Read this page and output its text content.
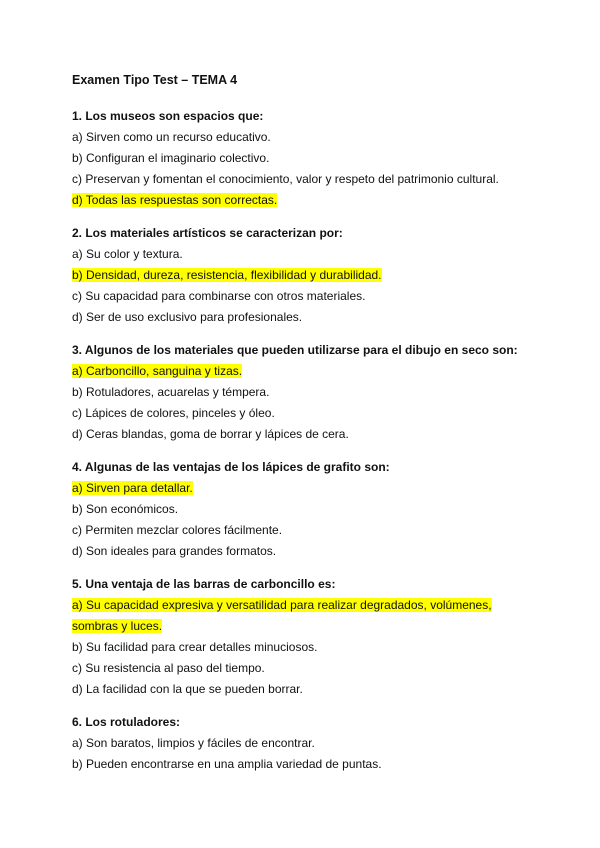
Examen Tipo Test – TEMA 4
1. Los museos son espacios que:
a) Sirven como un recurso educativo.
b) Configuran el imaginario colectivo.
c) Preservan y fomentan el conocimiento, valor y respeto del patrimonio cultural.
d) Todas las respuestas son correctas.
2. Los materiales artísticos se caracterizan por:
a) Su color y textura.
b) Densidad, dureza, resistencia, flexibilidad y durabilidad.
c) Su capacidad para combinarse con otros materiales.
d) Ser de uso exclusivo para profesionales.
3. Algunos de los materiales que pueden utilizarse para el dibujo en seco son:
a) Carboncillo, sanguina y tizas.
b) Rotuladores, acuarelas y témpera.
c) Lápices de colores, pinceles y óleo.
d) Ceras blandas, goma de borrar y lápices de cera.
4. Algunas de las ventajas de los lápices de grafito son:
a) Sirven para detallar.
b) Son económicos.
c) Permiten mezclar colores fácilmente.
d) Son ideales para grandes formatos.
5. Una ventaja de las barras de carboncillo es:
a) Su capacidad expresiva y versatilidad para realizar degradados, volúmenes, sombras y luces.
b) Su facilidad para crear detalles minuciosos.
c) Su resistencia al paso del tiempo.
d) La facilidad con la que se pueden borrar.
6. Los rotuladores:
a) Son baratos, limpios y fáciles de encontrar.
b) Pueden encontrarse en una amplia variedad de puntas.
